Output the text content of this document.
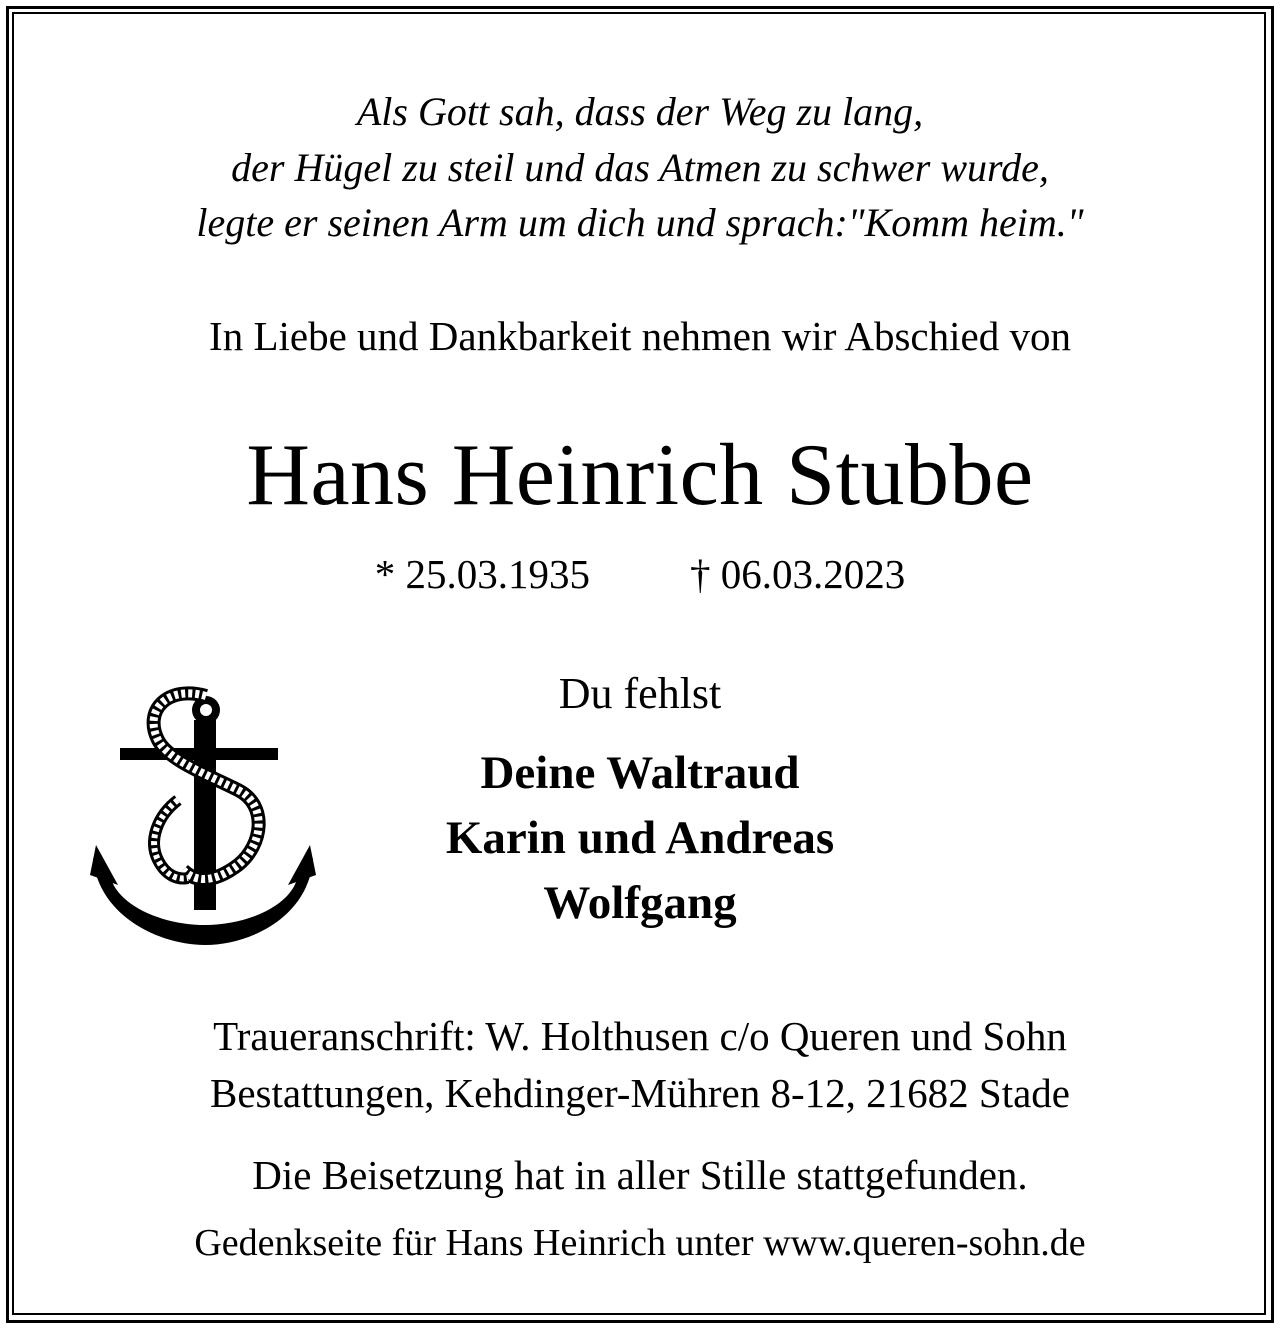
Als Gott sah, dass der Weg zu lang,
der Hügel zu steil und das Atmen zu schwer wurde,
legte er seinen Arm um dich und sprach:"Komm heim."
In Liebe und Dankbarkeit nehmen wir Abschied von
Hans Heinrich Stubbe
* 25.03.1935 † 06.03.2023
Du fehlst
Deine Waltraud
Karin und Andreas
Wolfgang
Traueranschrift: W. Holthusen c/o Queren und Sohn
Bestattungen, Kehdinger-Mühren 8-12, 21682 Stade
Die Beisetzung hat in aller Stille stattgefunden.
Gedenkseite für Hans Heinrich unter www.queren-sohn.de
